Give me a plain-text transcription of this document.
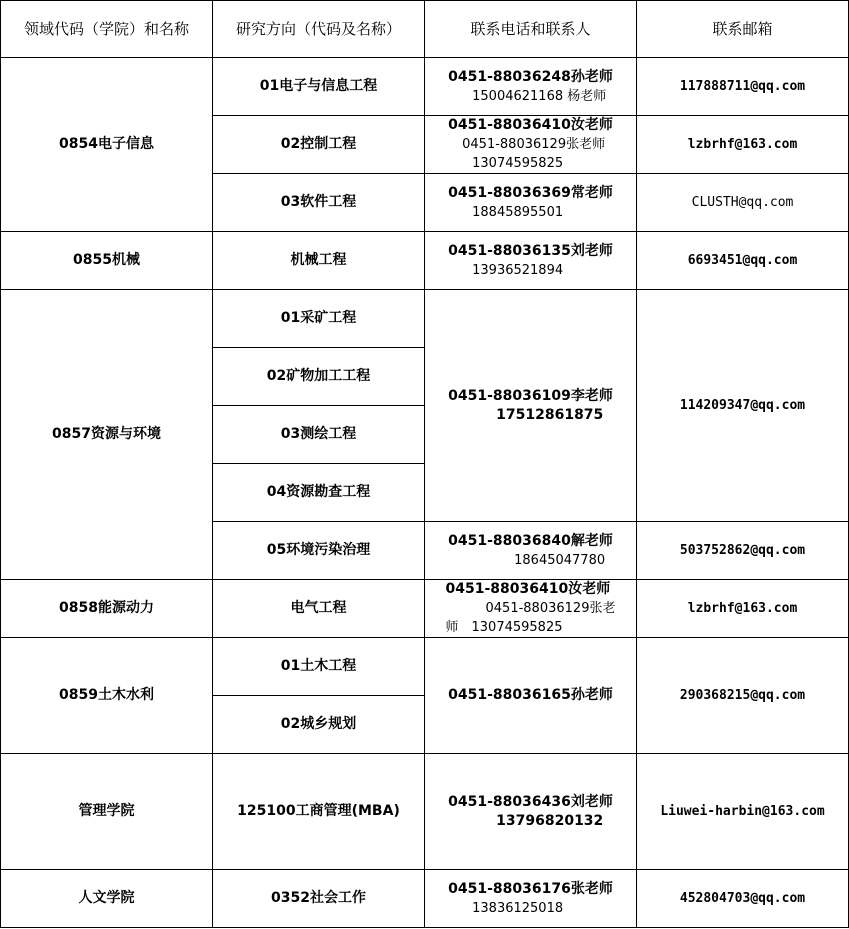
领域代码（学院）和名称	研究方向（代码及名称）	联系电话和联系人	联系邮箱
0854电子信息	01电子与信息工程	0451-88036248孙老师
15004621168 杨老师	117888711@qq.com
	02控制工程	0451-88036410汝老师
0451-88036129张老师
13074595825	lzbrhf@163.com
	03软件工程	0451-88036369常老师
18845895501	CLUSTH@qq.com
0855机械	机械工程	0451-88036135刘老师
13936521894	6693451@qq.com
0857资源与环境	01采矿工程	0451-88036109李老师
17512861875	114209347@qq.com
	02矿物加工工程		
	03测绘工程		
	04资源勘查工程		
	05环境污染治理	0451-88036840解老师
18645047780	503752862@qq.com
0858能源动力	电气工程	0451-88036410汝老师
0451-88036129张老
师　13074595825	lzbrhf@163.com
0859土木水利	01土木工程	0451-88036165孙老师	290368215@qq.com
	02城乡规划		
管理学院	125100工商管理(MBA)	0451-88036436刘老师
13796820132	Liuwei-harbin@163.com
人文学院	0352社会工作	0451-88036176张老师
13836125018	452804703@qq.com
